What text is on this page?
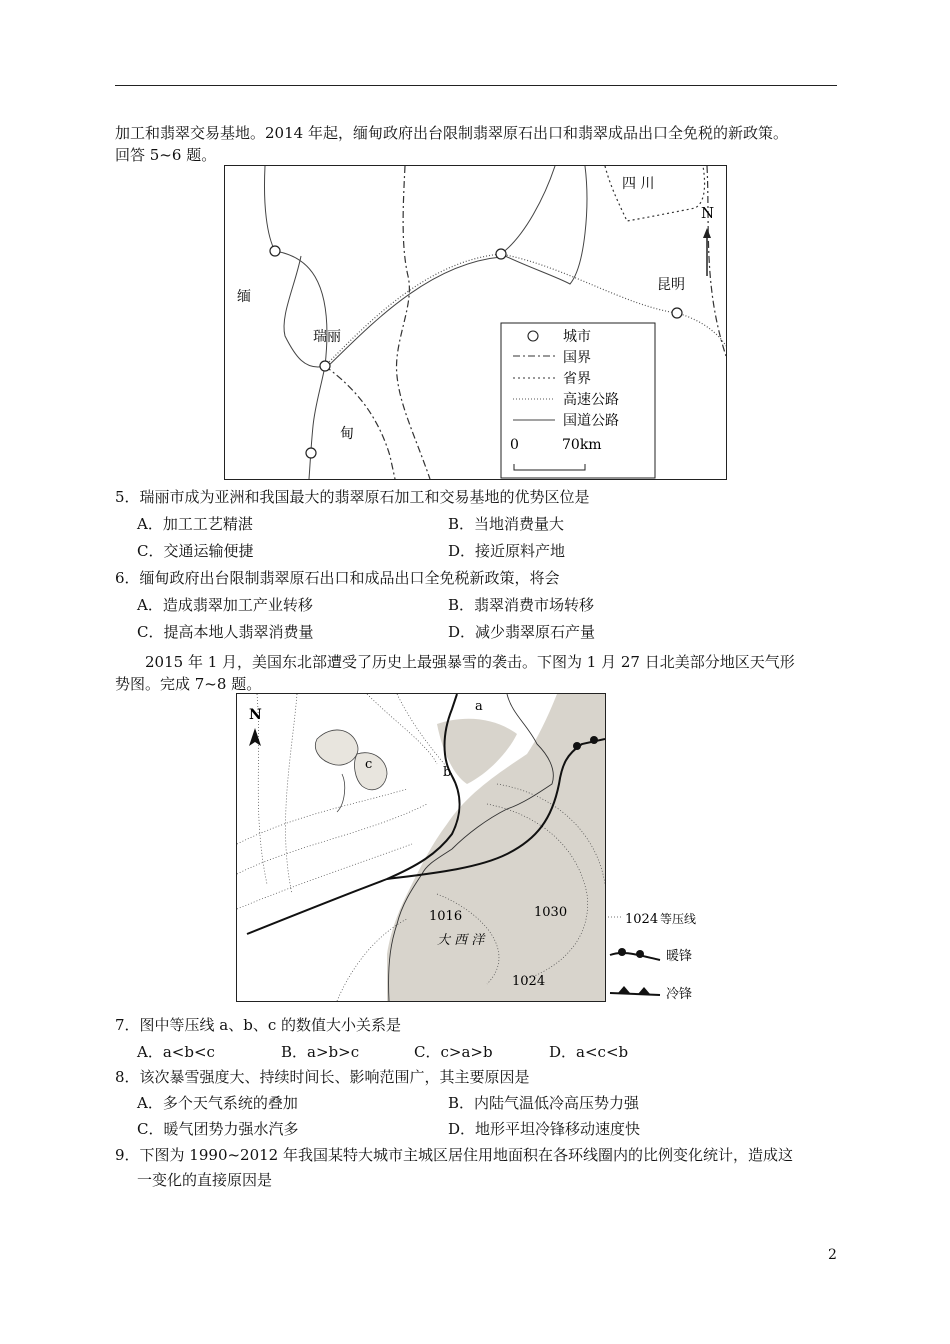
加工和翡翠交易基地。2014 年起，缅甸政府出台限制翡翠原石出口和翡翠成品出口全免税的新政策。
回答 5~6 题。
N
四 川
昆明
缅
瑞丽
甸
城市
国界
省界
高速公路
国道公路
0	70km
5．瑞丽市成为亚洲和我国最大的翡翠原石加工和交易基地的优势区位是
A．加工工艺精湛	B．当地消费量大
C．交通运输便捷	D．接近原料产地
6．缅甸政府出台限制翡翠原石出口和成品出口全免税新政策，将会
A．造成翡翠加工产业转移	B．翡翠消费市场转移
C．提高本地人翡翠消费量	D．减少翡翠原石产量
2015 年 1 月，美国东北部遭受了历史上最强暴雪的袭击。下图为 1 月 27 日北美部分地区天气形
势图。完成 7~8 题。
N
a
b
c
1016	1030
1024
大 西 洋
1024 等压线
暖锋
冷锋
7．图中等压线 a、b、c 的数值大小关系是
A．a<b<c	B．a>b>c	C．c>a>b	D．a<c<b
8．该次暴雪强度大、持续时间长、影响范围广，其主要原因是
A．多个天气系统的叠加	B．内陆气温低冷高压势力强
C．暖气团势力强水汽多	D．地形平坦冷锋移动速度快
9．下图为 1990~2012 年我国某特大城市主城区居住用地面积在各环线圈内的比例变化统计，造成这
一变化的直接原因是
2
